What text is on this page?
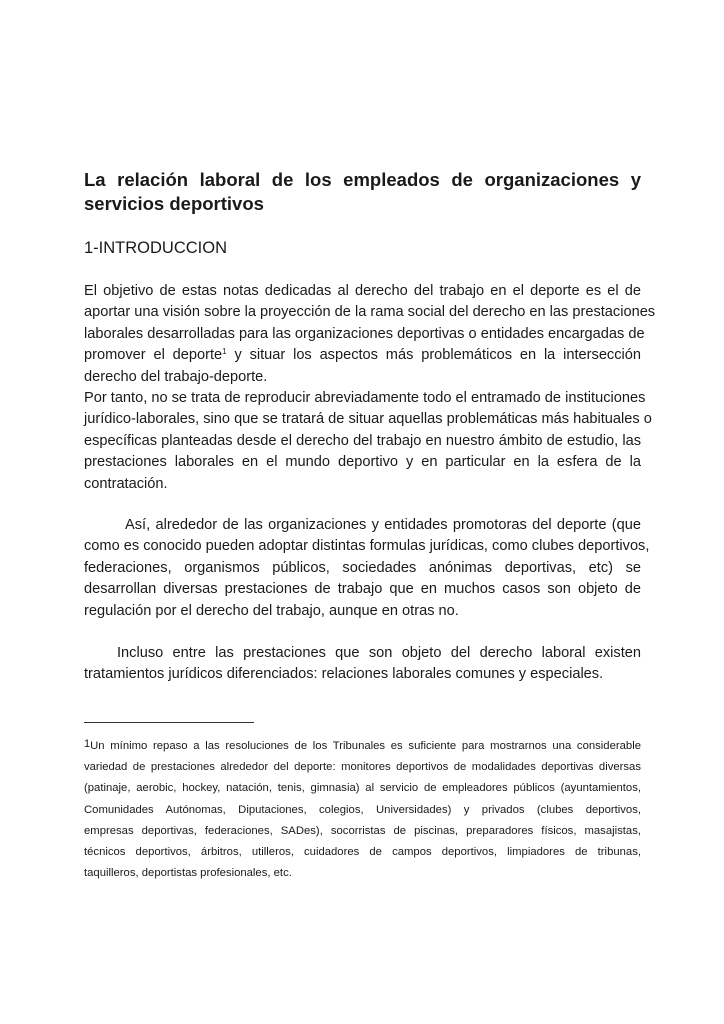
La relación laboral de los empleados de organizaciones y
servicios deportivos
1-INTRODUCCION
El objetivo de estas notas dedicadas al derecho del trabajo en el deporte es el de
aportar una visión sobre la proyección de la rama social del derecho en las prestaciones
laborales desarrolladas para las organizaciones deportivas o entidades encargadas de
promover el deporte$^1$ y situar los aspectos más problemáticos en la intersección
derecho del trabajo-deporte.
Por tanto, no se trata de reproducir abreviadamente todo el entramado de instituciones
jurídico-laborales, sino que se tratará de situar aquellas problemáticas más habituales o
específicas planteadas desde el derecho del trabajo en nuestro ámbito de estudio, las
prestaciones laborales en el mundo deportivo y en particular en la esfera de la
contratación.
Así, alrededor de las organizaciones y entidades promotoras del deporte (que
como es conocido pueden adoptar distintas formulas jurídicas, como clubes deportivos,
federaciones, organismos públicos, sociedades anónimas deportivas, etc) se
desarrollan diversas prestaciones de trabajo que en muchos casos son objeto de
regulación por el derecho del trabajo, aunque en otras no.
Incluso entre las prestaciones que son objeto del derecho laboral existen
tratamientos jurídicos diferenciados: relaciones laborales comunes y especiales.
1Un mínimo repaso a las resoluciones de los Tribunales es suficiente para mostrarnos una considerable
variedad de prestaciones alrededor del deporte: monitores deportivos de modalidades deportivas diversas
(patinaje, aerobic, hockey, natación, tenis, gimnasia) al servicio de empleadores públicos (ayuntamientos,
Comunidades Autónomas, Diputaciones, colegios, Universidades) y privados (clubes deportivos,
empresas deportivas, federaciones, SADes), socorristas de piscinas, preparadores físicos, masajistas,
técnicos deportivos, árbitros, utilleros, cuidadores de campos deportivos, limpiadores de tribunas,
taquilleros, deportistas profesionales, etc.
